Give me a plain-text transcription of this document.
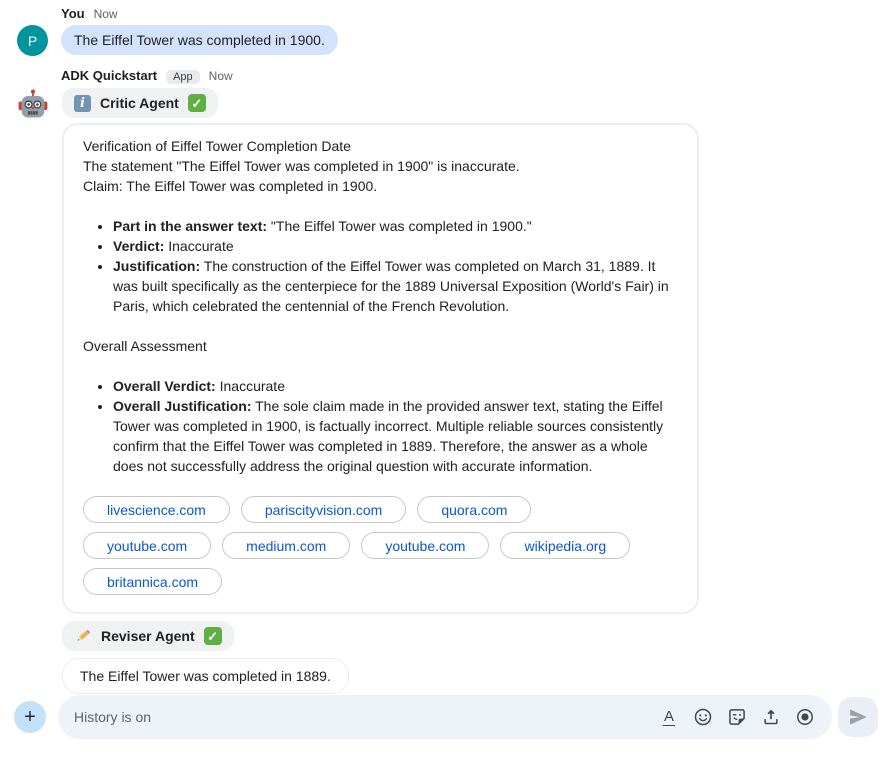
You Now
P	The Eiffel Tower was completed in 1900.
ADK Quickstart	App	Now
i	Critic Agent ✓

Verification of Eiffel Tower Completion Date

The statement "The Eiffel Tower was completed in 1900" is inaccurate.

Claim: The Eiffel Tower was completed in 1900.

• Part in the answer text: "The Eiffel Tower was completed in 1900."
• Verdict: Inaccurate
• Justification: The construction of the Eiffel Tower was completed on March 31, 1889. It was built specifically as the centerpiece for the 1889 Universal Exposition (World's Fair) in Paris, which celebrated the centennial of the French Revolution.

Overall Assessment

• Overall Verdict: Inaccurate
• Overall Justification: The sole claim made in the provided answer text, stating the Eiffel Tower was completed in 1900, is factually incorrect. Multiple reliable sources consistently confirm that the Eiffel Tower was completed in 1889. Therefore, the answer as a whole does not successfully address the original question with accurate information.
livescience.com	pariscityvision.com	quora.com
youtube.com	medium.com	youtube.com	wikipedia.org
britannica.com
Reviser Agent ✓
The Eiffel Tower was completed in 1889.
+
History is on	A
